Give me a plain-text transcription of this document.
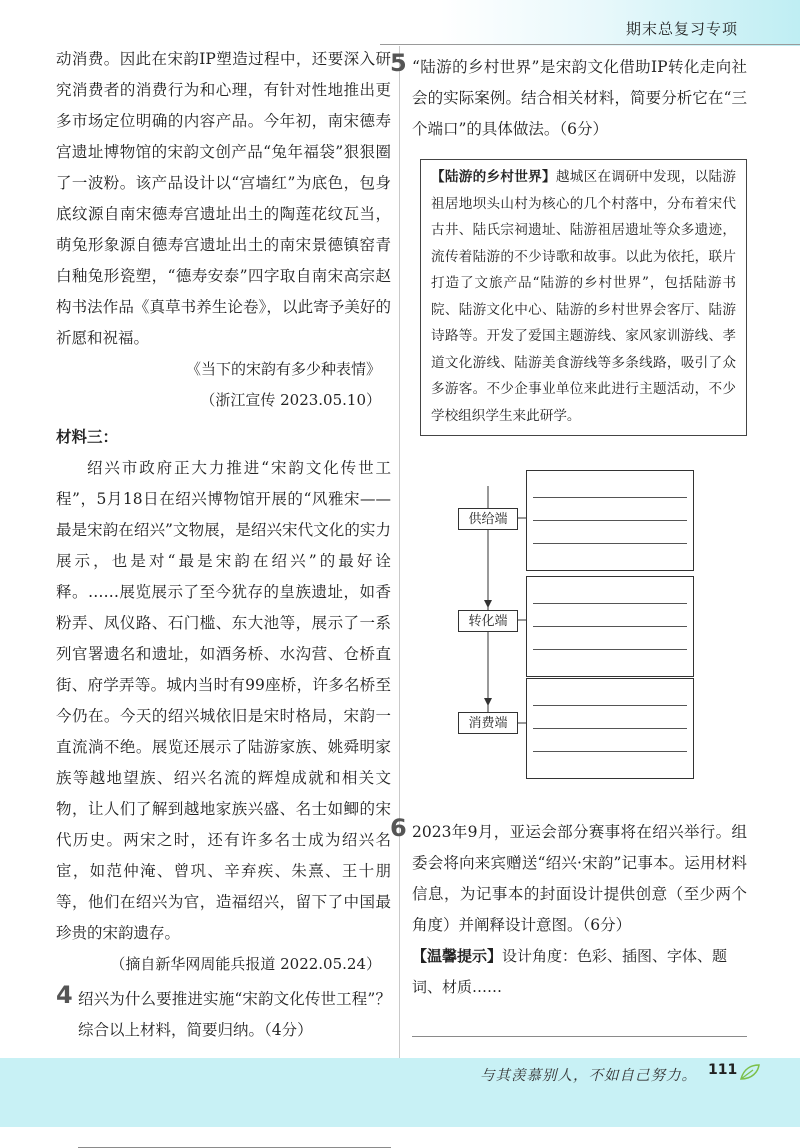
期末总复习专项

动消费。因此在宋韵IP塑造过程中，还要深入研究消费者的消费行为和心理，有针对性地推出更多市场定位明确的内容产品。今年初，南宋德寿宫遗址博物馆的宋韵文创产品“兔年福袋”狠狠圈了一波粉。该产品设计以“宫墙红”为底色，包身底纹源自南宋德寿宫遗址出土的陶莲花纹瓦当，萌兔形象源自德寿宫遗址出土的南宋景德镇窑青白釉兔形瓷塑，“德寿安泰”四字取自南宋高宗赵构书法作品《真草书养生论卷》，以此寄予美好的祈愿和祝福。

《当下的宋韵有多少种表情》

（浙江宣传 2023.05.10）

材料三：

绍兴市政府正大力推进“宋韵文化传世工程”，5月18日在绍兴博物馆开展的“风雅宋——最是宋韵在绍兴”文物展，是绍兴宋代文化的实力展示，也是对“最是宋韵在绍兴”的最好诠释。……展览展示了至今犹存的皇族遗址，如香粉弄、凤仪路、石门槛、东大池等，展示了一系列官署遗名和遗址，如酒务桥、水沟营、仓桥直街、府学弄等。城内当时有99座桥，许多名桥至今仍在。今天的绍兴城依旧是宋时格局，宋韵一直流淌不绝。展览还展示了陆游家族、姚舜明家族等越地望族、绍兴名流的辉煌成就和相关文物，让人们了解到越地家族兴盛、名士如鲫的宋代历史。两宋之时，还有许多名士成为绍兴名宦，如范仲淹、曾巩、辛弃疾、朱熹、王十朋等，他们在绍兴为官，造福绍兴，留下了中国最珍贵的宋韵遗存。

（摘自新华网周能兵报道 2022.05.24）

4 绍兴为什么要推进实施“宋韵文化传世工程”？综合以上材料，简要归纳。（4分）

5 “陆游的乡村世界”是宋韵文化借助IP转化走向社会的实际案例。结合相关材料，简要分析它在“三个端口”的具体做法。（6分）

【陆游的乡村世界】越城区在调研中发现，以陆游祖居地坝头山村为核心的几个村落中，分布着宋代古井、陆氏宗祠遗址、陆游祖居遗址等众多遗迹，流传着陆游的不少诗歌和故事。以此为依托，联片打造了文旅产品“陆游的乡村世界”，包括陆游书院、陆游文化中心、陆游的乡村世界会客厅、陆游诗路等。开发了爱国主题游线、家风家训游线、孝道文化游线、陆游美食游线等多条线路，吸引了众多游客。不少企事业单位来此进行主题活动，不少学校组织学生来此研学。
供给端
转化端
消费端
6 2023年9月，亚运会部分赛事将在绍兴举行。组委会将向来宾赠送“绍兴·宋韵”记事本。运用材料信息，为记事本的封面设计提供创意（至少两个角度）并阐释设计意图。（6分）

【温馨提示】设计角度：色彩、插图、字体、题词、材质……

与其羡慕别人，不如自己努力。 111
